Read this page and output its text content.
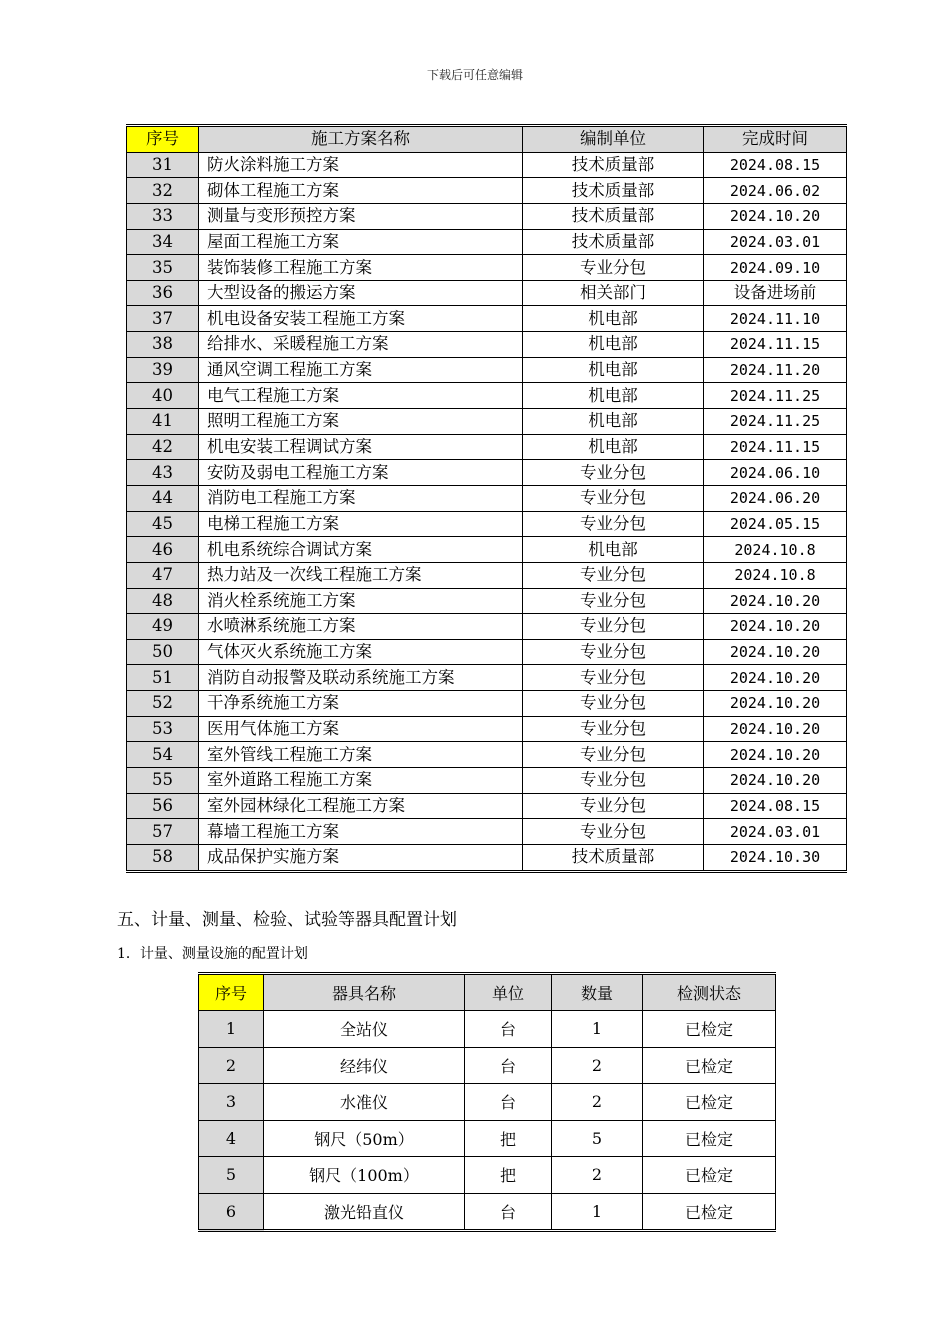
下载后可任意编辑
序号	施工方案名称	编制单位	完成时间
31	防火涂料施工方案	技术质量部	2024.08.15
32	砌体工程施工方案	技术质量部	2024.06.02
33	测量与变形预控方案	技术质量部	2024.10.20
34	屋面工程施工方案	技术质量部	2024.03.01
35	装饰装修工程施工方案	专业分包	2024.09.10
36	大型设备的搬运方案	相关部门	设备进场前
37	机电设备安装工程施工方案	机电部	2024.11.10
38	给排水、采暖程施工方案	机电部	2024.11.15
39	通风空调工程施工方案	机电部	2024.11.20
40	电气工程施工方案	机电部	2024.11.25
41	照明工程施工方案	机电部	2024.11.25
42	机电安装工程调试方案	机电部	2024.11.15
43	安防及弱电工程施工方案	专业分包	2024.06.10
44	消防电工程施工方案	专业分包	2024.06.20
45	电梯工程施工方案	专业分包	2024.05.15
46	机电系统综合调试方案	机电部	2024.10.8
47	热力站及一次线工程施工方案	专业分包	2024.10.8
48	消火栓系统施工方案	专业分包	2024.10.20
49	水喷淋系统施工方案	专业分包	2024.10.20
50	气体灭火系统施工方案	专业分包	2024.10.20
51	消防自动报警及联动系统施工方案	专业分包	2024.10.20
52	干净系统施工方案	专业分包	2024.10.20
53	医用气体施工方案	专业分包	2024.10.20
54	室外管线工程施工方案	专业分包	2024.10.20
55	室外道路工程施工方案	专业分包	2024.10.20
56	室外园林绿化工程施工方案	专业分包	2024.08.15
57	幕墙工程施工方案	专业分包	2024.03.01
58	成品保护实施方案	技术质量部	2024.10.30
五、计量、测量、检验、试验等器具配置计划
1．计量、测量设施的配置计划
序号	器具名称	单位	数量	检测状态
1	全站仪	台	1	已检定
2	经纬仪	台	2	已检定
3	水准仪	台	2	已检定
4	钢尺（50m）	把	5	已检定
5	钢尺（100m）	把	2	已检定
6	激光铅直仪	台	1	已检定
